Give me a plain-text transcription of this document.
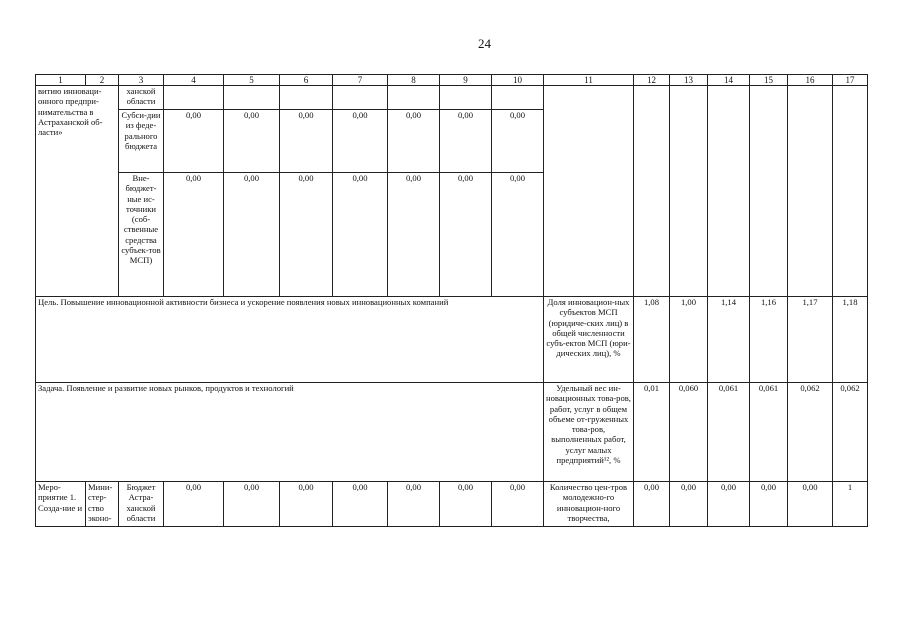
24
1	2	3	4	5	6	7	8	9	10	11	12	13	14	15	16	17
витию инноваци-онного предпри-нимательства в Астраханской об-ласти»		ханской области														
		Субси-дии из феде-рального бюджета	0,00	0,00	0,00	0,00	0,00	0,00	0,00							
		Вне-бюджет-ные ис-точники (соб-ственные средства субъек-тов МСП)	0,00	0,00	0,00	0,00	0,00	0,00	0,00							
Цель. Повышение инновационной активности бизнеса и ускорение появления новых инновационных компаний										Доля инновацион-ных субъектов МСП (юридиче-ских лиц) в общей численности субъ-ектов МСП (юри-дических лиц), %	1,08	1,00	1,14	1,16	1,17	1,18
Задача. Появление и развитие новых рынков, продуктов и технологий										Удельный вес ин-новационных това-ров, работ, услуг в общем объеме от-груженных това-ров, выполненных работ, услуг малых предприятий¹², %	0,01	0,060	0,061	0,061	0,062	0,062
Меро-приятие 1. Созда-ние и	Мини-стер-ство эконо-	Бюджет Астра-ханской области	0,00	0,00	0,00	0,00	0,00	0,00	0,00	Количество цен-тров молодежно-го инновацион-ного творчества,	0,00	0,00	0,00	0,00	0,00	1
